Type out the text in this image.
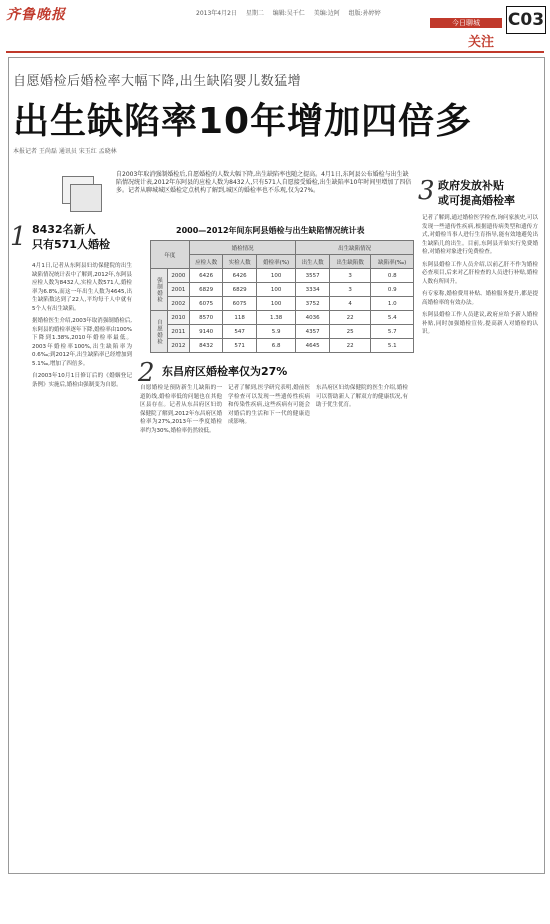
齐鲁晚报	2013年4月2日 星期二 编辑:吴千仁 美编:边阿 组版:孙婷婷
今日聊城
关注
C03
自愿婚检后婚检率大幅下降,出生缺陷婴儿数猛增
出生缺陷率10年增加四倍多
本报记者 王尚磊 通讯员 宋玉红 孟晓林
自2003年取消强制婚检后,自愿婚检的人数大幅下降,出生缺陷率也随之提高。4月1日,东阿县公布婚检与出生缺陷情况统计表,2012年东阿县的应检人数为8432人,只有571人自愿接受婚检,出生缺陷率10年时间里增加了四倍多。记者从聊城城区婚检定点机构了解到,城区的婚检率也不乐观,仅为27%。
1 8432名新人
只有571人婚检

4月1日,记者从东阿县妇幼保健院的出生缺陷情况统计表中了解到,2012年,东阿县应检人数为8432人,实检人数571人,婚检率为6.8%,而这一年出生人数为4645,出生缺陷数达到了22人,平均每千人中就有5个人有出生缺陷。

据婚检医生介绍,2003年取消强制婚检后,东阿县的婚检率逐年下降,婚检率由100%下降到1.38%,2010年婚检率最低。2003年婚检率100%,出生缺陷率为0.6‰;到2012年,出生缺陷率已经增加到5.1‰,增加了四倍多。

自2003年10月1日修订后的《婚姻登记条例》实施后,婚检由强制变为自愿。

2000—2012年间东阿县婚检与出生缺陷情况统计表
年度		婚检情况			出生缺陷情况		
		应检人数	实检人数	婚检率(%)	出生人数	出生缺陷数	缺陷率(‰)
强制婚检	2000	6426	6426	100	3557	3	0.8
	2001	6829	6829	100	3334	3	0.9
	2002	6075	6075	100	3752	4	1.0
自愿婚检	2010	8570	118	1.38	4036	22	5.4
	2011	9140	547	5.9	4357	25	5.7
	2012	8432	571	6.8	4645	22	5.1
2 东昌府区婚检率仅为27%
自愿婚检是预防新生儿缺陷的一道防线,婚检率低的问题也在其他区县存在。记者从东昌府区妇幼保健院了解到,2012年东昌府区婚检率为27%,2013年一季度婚检率约为30%,婚检率仍然较低。
记者了解到,医学研究表明,婚前医学检查可以发现一些遗传性疾病和传染性疾病,这些疾病有可能会对婚后的生活和下一代的健康造成影响。
东昌府区妇幼保健院的医生介绍,婚检可以帮助新人了解双方的健康状况,有助于优生优育。
3 政府发放补贴
或可提高婚检率

记者了解到,通过婚检医学检查,询问家族史,可以发现一些遗传性疾病,根据遗传病类型和遗传方式,对婚检当事人进行生育指导,能有效地避免出生缺陷儿的出生。目前,东阿县开始实行免费婚检,对婚检对象进行免费检查。

东阿县婚检工作人员介绍,以前乙肝不作为婚检必查项目,后来对乙肝检查的人员进行补贴,婚检人数有所回升。

有专家称,婚检费用补贴、婚检服务提升,都是提高婚检率的有效办法。

东阿县婚检工作人员建议,政府应给予新人婚检补贴,同时加强婚检宣传,提高新人对婚检的认识。
